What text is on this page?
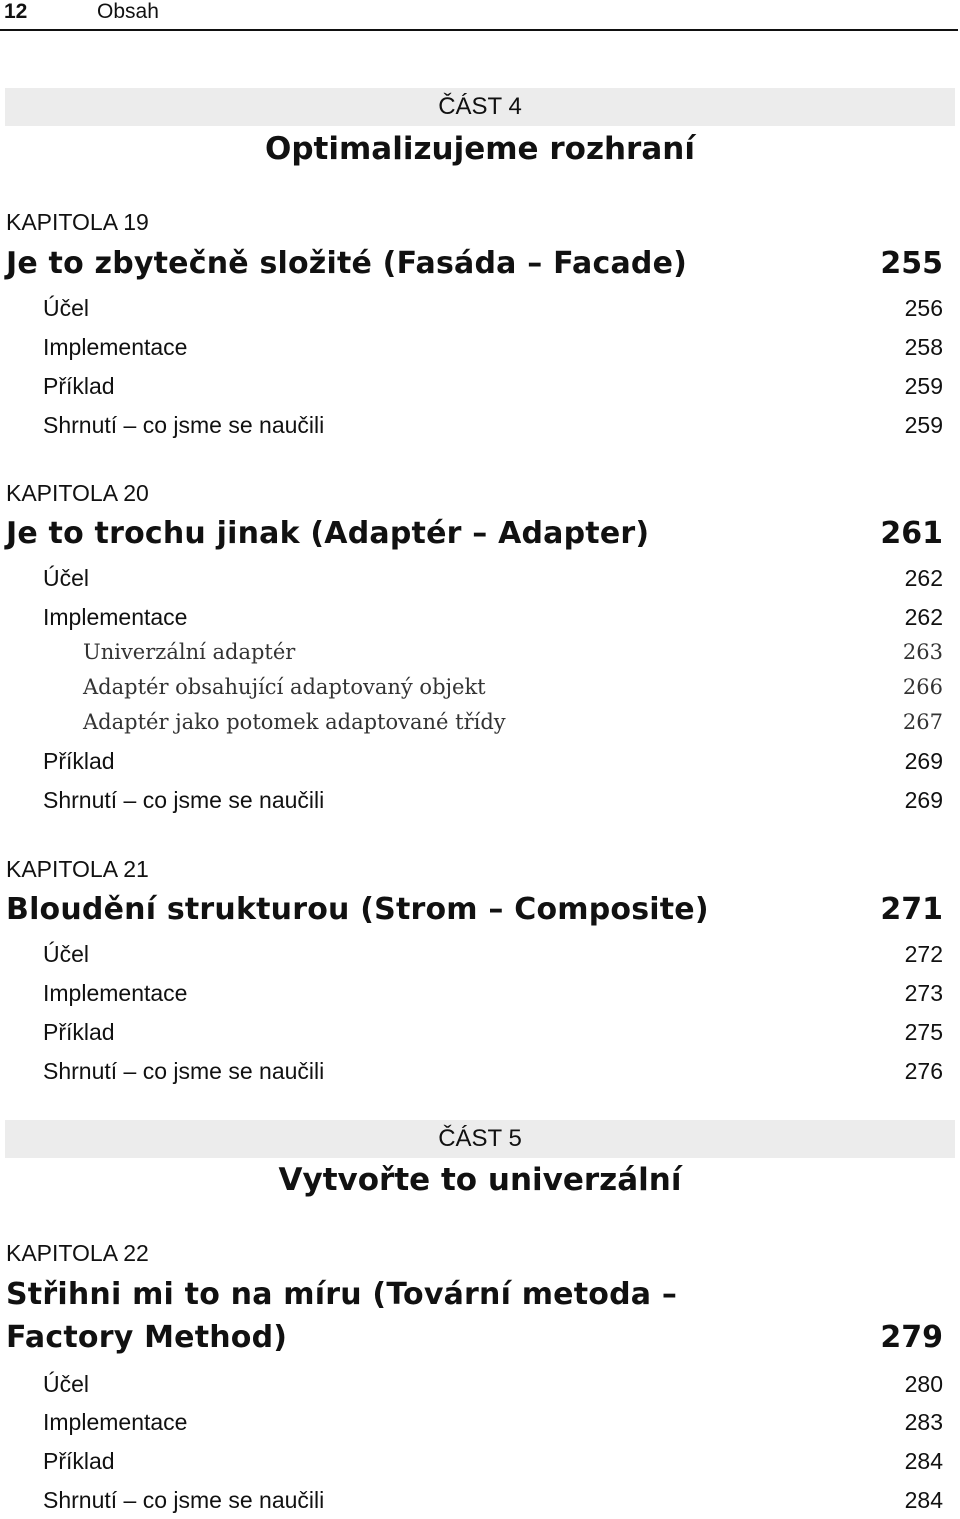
12	Obsah
ČÁST 4
Optimalizujeme rozhraní
KAPITOLA 19
Je to zbytečně složité (Fasáda – Facade)	255
Účel	256
Implementace	258
Příklad	259
Shrnutí – co jsme se naučili	259
KAPITOLA 20
Je to trochu jinak (Adaptér – Adapter)	261
Účel	262
Implementace	262
Univerzální adaptér	263
Adaptér obsahující adaptovaný objekt	266
Adaptér jako potomek adaptované třídy	267
Příklad	269
Shrnutí – co jsme se naučili	269
KAPITOLA 21
Bloudění strukturou (Strom – Composite)	271
Účel	272
Implementace	273
Příklad	275
Shrnutí – co jsme se naučili	276
ČÁST 5
Vytvořte to univerzální
KAPITOLA 22
Střihni mi to na míru (Tovární metoda –
Factory Method)	279
Účel	280
Implementace	283
Příklad	284
Shrnutí – co jsme se naučili	284
